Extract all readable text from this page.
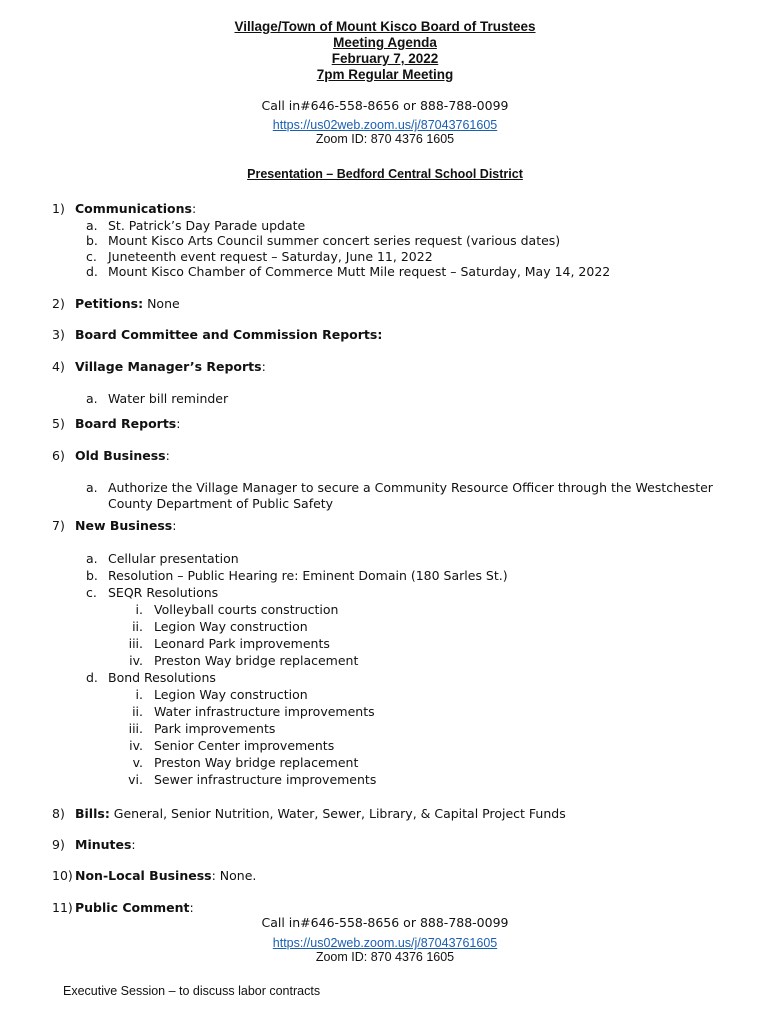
Village/Town of Mount Kisco Board of Trustees
Meeting Agenda
February 7, 2022
7pm Regular Meeting
Call in#646-558-8656 or 888-788-0099
https://us02web.zoom.us/j/87043761605
Zoom ID: 870 4376 1605
Presentation – Bedford Central School District
1) Communications:
a. St. Patrick’s Day Parade update
b. Mount Kisco Arts Council summer concert series request (various dates)
c. Juneteenth event request – Saturday, June 11, 2022
d. Mount Kisco Chamber of Commerce Mutt Mile request – Saturday, May 14, 2022
2) Petitions: None
3) Board Committee and Commission Reports:
4) Village Manager’s Reports:
a. Water bill reminder
5) Board Reports:
6) Old Business:
a. Authorize the Village Manager to secure a Community Resource Officer through the Westchester
County Department of Public Safety
7) New Business:
a. Cellular presentation
b. Resolution – Public Hearing re: Eminent Domain (180 Sarles St.)
c. SEQR Resolutions
i. Volleyball courts construction
ii. Legion Way construction
iii. Leonard Park improvements
iv. Preston Way bridge replacement
d. Bond Resolutions
i. Legion Way construction
ii. Water infrastructure improvements
iii. Park improvements
iv. Senior Center improvements
v. Preston Way bridge replacement
vi. Sewer infrastructure improvements
8) Bills: General, Senior Nutrition, Water, Sewer, Library, & Capital Project Funds
9) Minutes:
10) Non-Local Business: None.
11) Public Comment:
Call in#646-558-8656 or 888-788-0099
https://us02web.zoom.us/j/87043761605
Zoom ID: 870 4376 1605
Executive Session – to discuss labor contracts
